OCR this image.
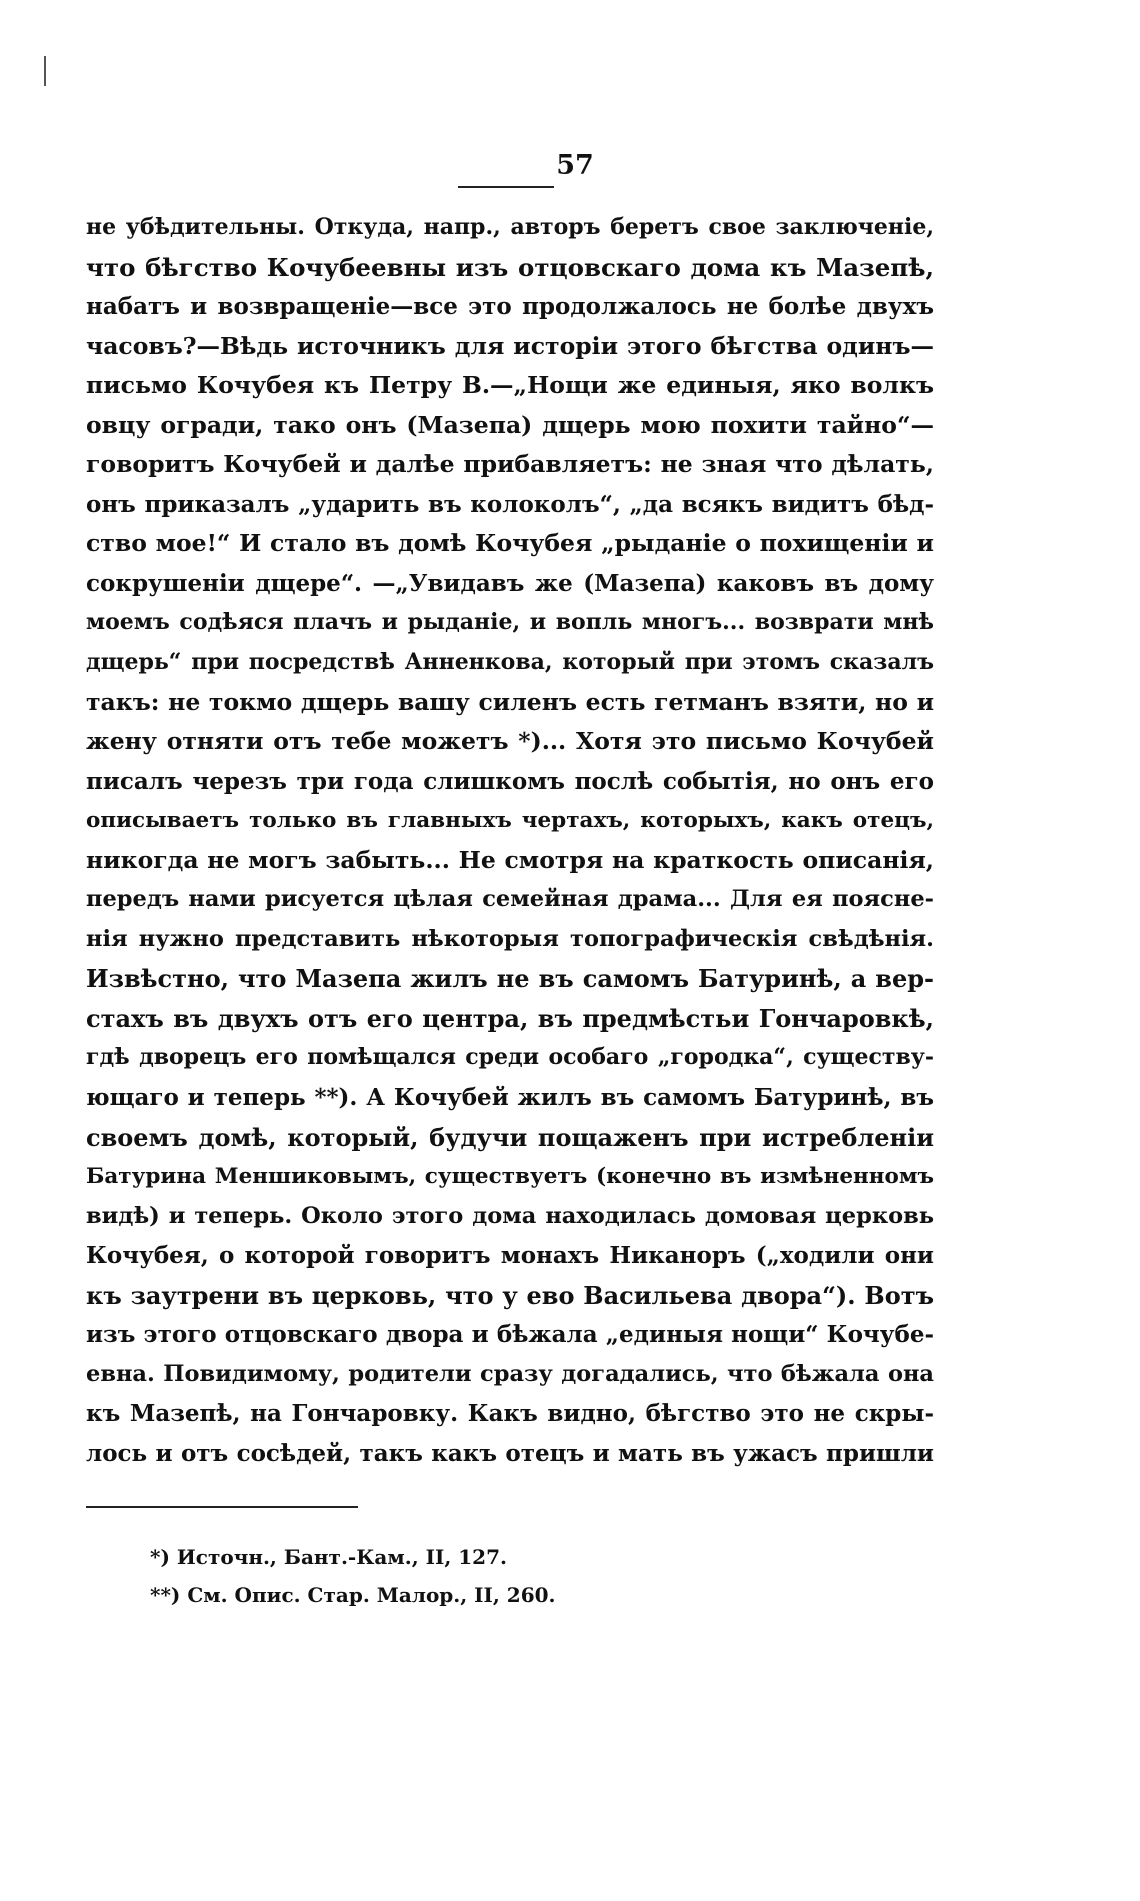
57
не убѣдительны. Откуда, напр., авторъ беретъ свое заключеніе,
что бѣгство Кочубеевны изъ отцовскаго дома къ Мазепѣ,
набатъ и возвращеніе—все это продолжалось не болѣе двухъ
часовъ?—Вѣдь источникъ для исторіи этого бѣгства одинъ—
письмо Кочубея къ Петру В.—„Нощи же единыя, яко волкъ
овцу огради, тако онъ (Мазепа) дщерь мою похити тайно“—
говоритъ Кочубей и далѣе прибавляетъ: не зная что дѣлать,
онъ приказалъ „ударить въ колоколъ“, „да всякъ видитъ бѣд-
ство мое!“ И стало въ домѣ Кочубея „рыданіе о похищеніи и
сокрушеніи дщере“. —„Увидавъ же (Мазепа) каковъ въ дому
моемъ содѣяся плачъ и рыданіе, и вопль многъ... возврати мнѣ
дщерь“ при посредствѣ Анненкова, который при этомъ сказалъ
такъ: не токмо дщерь вашу силенъ есть гетманъ взяти, но и
жену отняти отъ тебе можетъ *)... Хотя это письмо Кочубей
писалъ черезъ три года слишкомъ послѣ событія, но онъ его
описываетъ только въ главныхъ чертахъ, которыхъ, какъ отецъ,
никогда не могъ забыть... Не смотря на краткость описанія,
передъ нами рисуется цѣлая семейная драма... Для ея поясне-
нія нужно представить нѣкоторыя топографическія свѣдѣнія.
Извѣстно, что Мазепа жилъ не въ самомъ Батуринѣ, а вер-
стахъ въ двухъ отъ его центра, въ предмѣстьи Гончаровкѣ,
гдѣ дворецъ его помѣщался среди особаго „городка“, существу-
ющаго и теперь **). А Кочубей жилъ въ самомъ Батуринѣ, въ
своемъ домѣ, который, будучи пощаженъ при истребленіи
Батурина Меншиковымъ, существуетъ (конечно въ измѣненномъ
видѣ) и теперь. Около этого дома находилась домовая церковь
Кочубея, о которой говоритъ монахъ Никаноръ („ходили они
къ заутрени въ церковь, что у ево Васильева двора“). Вотъ
изъ этого отцовскаго двора и бѣжала „единыя нощи“ Кочубе-
евна. Повидимому, родители сразу догадались, что бѣжала она
къ Мазепѣ, на Гончаровку. Какъ видно, бѣгство это не скры-
лось и отъ сосѣдей, такъ какъ отецъ и мать въ ужасъ пришли
*) Источн., Бант.-Кам., II, 127.
**) См. Опис. Стар. Малор., II, 260.
